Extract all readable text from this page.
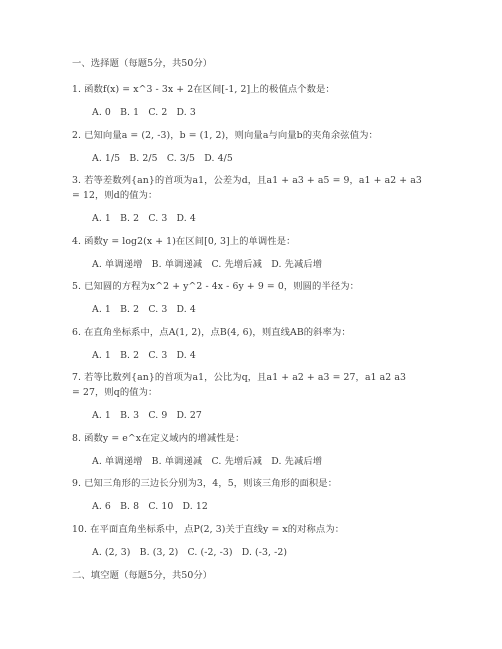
一、选择题（每题5分，共50分）
1. 函数f(x) = x^3 - 3x + 2在区间[-1, 2]上的极值点个数是：
A. 0   B. 1   C. 2   D. 3
2. 已知向量a = (2, -3)，b = (1, 2)，则向量a与向量b的夹角余弦值为：
A. 1/5   B. 2/5   C. 3/5   D. 4/5
3. 若等差数列{an}的首项为a1，公差为d，且a1 + a3 + a5 = 9，a1 + a2 + a3
= 12，则d的值为：
A. 1   B. 2   C. 3   D. 4
4. 函数y = log2(x + 1)在区间[0, 3]上的单调性是：
A. 单调递增   B. 单调递减   C. 先增后减   D. 先减后增
5. 已知圆的方程为x^2 + y^2 - 4x - 6y + 9 = 0，则圆的半径为：
A. 1   B. 2   C. 3   D. 4
6. 在直角坐标系中，点A(1, 2)，点B(4, 6)，则直线AB的斜率为：
A. 1   B. 2   C. 3   D. 4
7. 若等比数列{an}的首项为a1，公比为q，且a1 + a2 + a3 = 27，a1 a2 a3
= 27，则q的值为：
A. 1   B. 3   C. 9   D. 27
8. 函数y = e^x在定义域内的增减性是：
A. 单调递增   B. 单调递减   C. 先增后减   D. 先减后增
9. 已知三角形的三边长分别为3，4，5，则该三角形的面积是：
A. 6   B. 8   C. 10   D. 12
10. 在平面直角坐标系中，点P(2, 3)关于直线y = x的对称点为：
A. (2, 3)   B. (3, 2)   C. (-2, -3)   D. (-3, -2)
二、填空题（每题5分，共50分）
